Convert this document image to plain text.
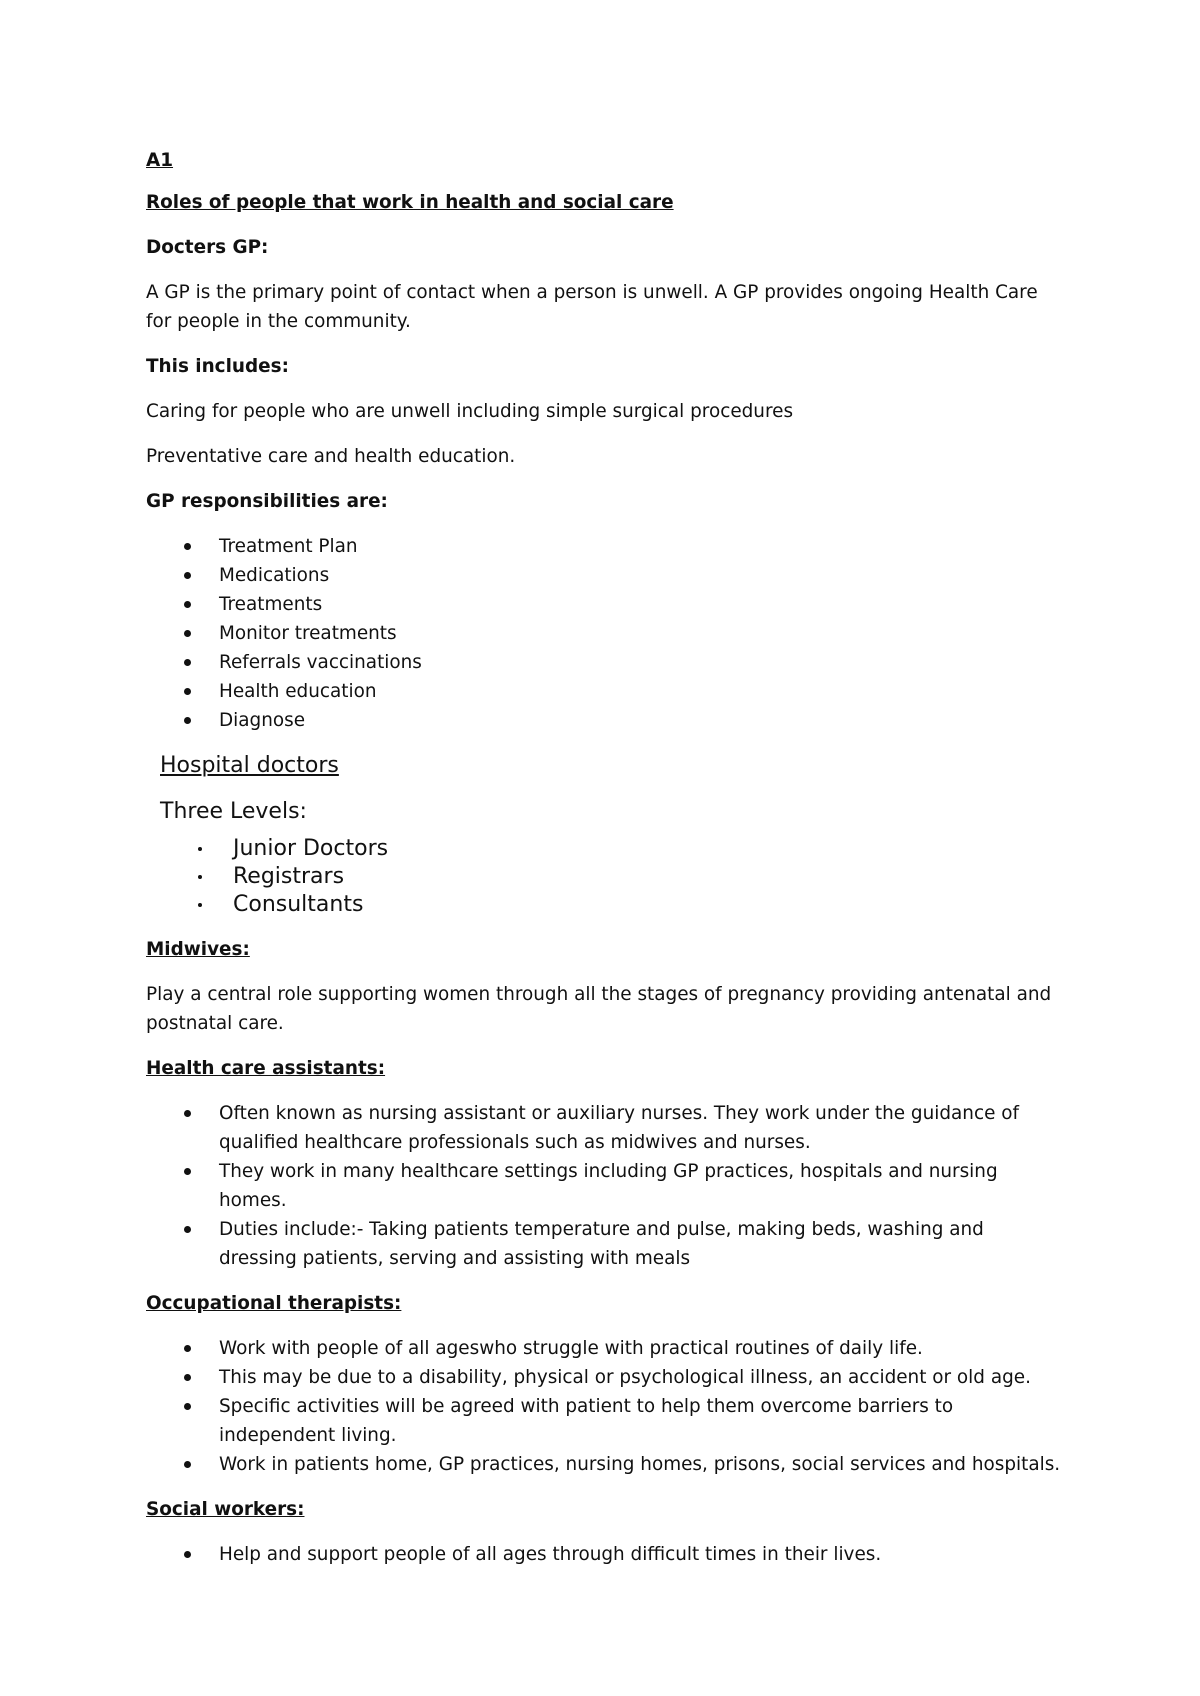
A1
Roles of people that work in health and social care
Docters GP:
A GP is the primary point of contact when a person is unwell. A GP provides ongoing Health Care for people in the community.
This includes:
Caring for people who are unwell including simple surgical procedures
Preventative care and health education.
GP responsibilities are:
Treatment Plan
Medications
Treatments
Monitor treatments
Referrals vaccinations
Health education
Diagnose
Hospital doctors
Three Levels:
Junior Doctors
Registrars
Consultants
Midwives:
Play a central role supporting women through all the stages of pregnancy providing antenatal and postnatal care.
Health care assistants:
Often known as nursing assistant or auxiliary nurses. They work under the guidance of qualified healthcare professionals such as midwives and nurses.
They work in many healthcare settings including GP practices, hospitals and nursing homes.
Duties include:- Taking patients temperature and pulse, making beds, washing and dressing patients, serving and assisting with meals
Occupational therapists:
Work with people of all ageswho struggle with practical routines of daily life.
This may be due to a disability, physical or psychological illness, an accident or old age.
Specific activities will be agreed with patient to help them overcome barriers to independent living.
Work in patients home, GP practices, nursing homes, prisons, social services and hospitals.
Social workers:
Help and support people of all ages through difficult times in their lives.
